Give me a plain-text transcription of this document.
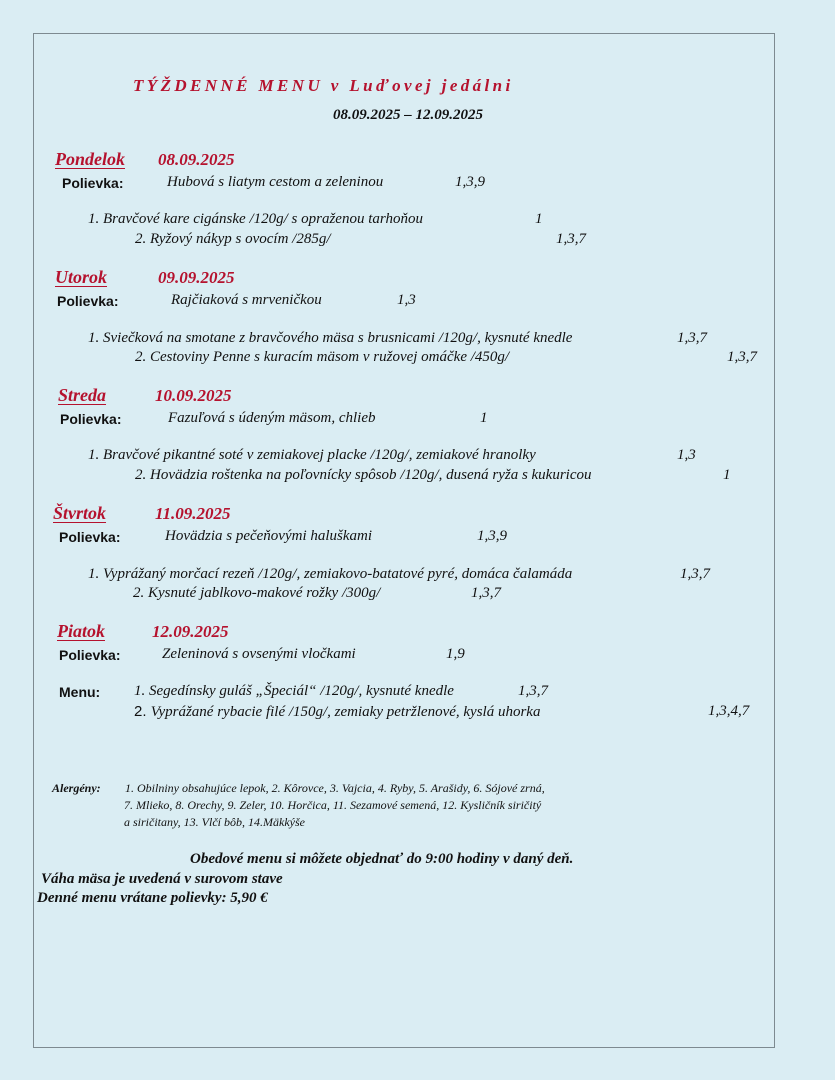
TÝŽDENNÉ MENU v Luďovej jedálni
08.09.2025 – 12.09.2025
Pondelok 08.09.2025
Polievka:	Hubová s liatym cestom a zeleninou	1,3,9
1. Bravčové kare cigánske /120g/ s opraženou tarhoňou	1
2. Ryžový nákyp s ovocím /285g/	1,3,7
Utorok	09.09.2025
Polievka:	Rajčiaková s mrveničkou	1,3
1. Sviečková na smotane z bravčového mäsa s brusnicami /120g/, kysnuté knedle	1,3,7
2. Cestoviny Penne s kuracím mäsom v ružovej omáčke /450g/	1,3,7
Streda	10.09.2025
Polievka:	Fazuľová s údeným mäsom, chlieb	1
1. Bravčové pikantné soté v zemiakovej placke /120g/, zemiakové hranolky	1,3
2. Hovädzia roštenka na poľovnícky spôsob /120g/, dusená ryža s kukuricou	1
Štvrtok	11.09.2025
Polievka:	Hovädzia s pečeňovými haluškami	1,3,9
1. Vyprážaný morčací rezeň /120g/, zemiakovo-batatové pyré, domáca čalamáda	1,3,7
2. Kysnuté jablkovo-makové rožky /300g/	1,3,7
Piatok	12.09.2025
Polievka:	Zeleninová s ovsenými vločkami	1,9
Menu: 1. Segedínsky guláš „Špeciál“ /120g/, kysnuté knedle	1,3,7
2. Vyprážané rybacie filé /150g/, zemiaky petržlenové, kyslá uhorka	1,3,4,7
Alergény: 1. Obilniny obsahujúce lepok, 2. Kôrovce, 3. Vajcia, 4. Ryby, 5. Arašidy, 6. Sójové zrná,
7. Mlieko, 8. Orechy, 9. Zeler, 10. Horčica, 11. Sezamové semená, 12. Kysličník siričitý
a siričitany, 13. Vlčí bôb, 14.Mäkkýše
Obedové menu si môžete objednať do 9:00 hodiny v daný deň.
Váha mäsa je uvedená v surovom stave
Denné menu vrátane polievky: 5,90 €
